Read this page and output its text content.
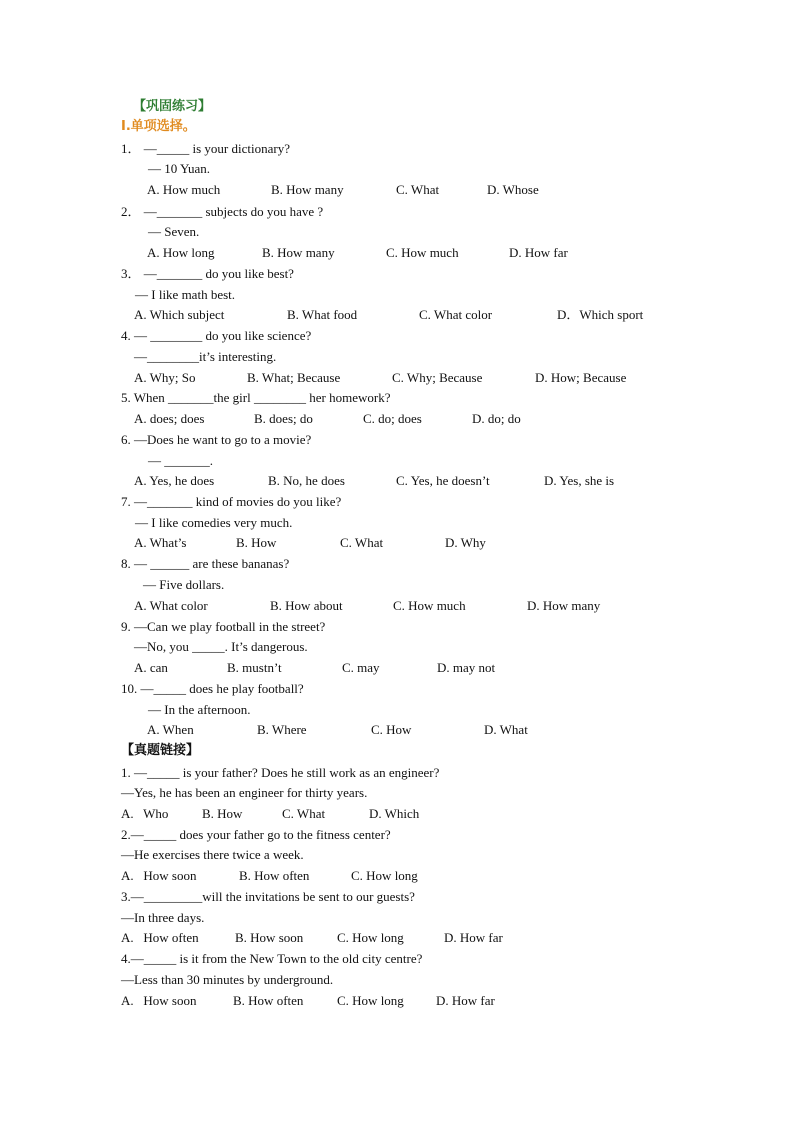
【巩固练习】
Ⅰ.单项选择。
1． —_____ is your dictionary?
— 10 Yuan.
A. How much	B. How many	C. What	D. Whose
2． —_______ subjects do you have ?
— Seven.
A. How long	B. How many	C. How much	D. How far
3． —_______ do you like best?
— I like math best.
A. Which subject	B. What food	C. What color	D．Which sport
4. — ________ do you like science?
—________it’s interesting.
A. Why; So	B. What; Because	C. Why; Because	D. How; Because
5. When _______the girl ________ her homework?
A. does; does	B. does; do	C. do; does	D. do; do
6. —Does he want to go to a movie?
— _______.
A. Yes, he does	B. No, he does	C. Yes, he doesn’t	D. Yes, she is
7. —_______ kind of movies do you like?
— I like comedies very much.
A. What’s	B. How	C. What	D. Why
8. — ______ are these bananas?
— Five dollars.
A. What color	B. How about	C. How much	D. How many
9. —Can we play football in the street?
—No, you _____. It’s dangerous.
A. can	B. mustn’t	C. may	D. may not
10. —_____ does he play football?
— In the afternoon.
A. When	B. Where	C. How	D. What
【真题链接】
1. —_____ is your father? Does he still work as an engineer?
—Yes, he has been an engineer for thirty years.
A.   Who	B. How	C. What	D. Which
2.—_____ does your father go to the fitness center?
—He exercises there twice a week.
A.   How soon	B. How often	C. How long
3.—_________will the invitations be sent to our guests?
—In three days.
A.   How often	B. How soon	C. How long	D. How far
4.—_____ is it from the New Town to the old city centre?
—Less than 30 minutes by underground.
A.   How soon	B. How often	C. How long D. How far
